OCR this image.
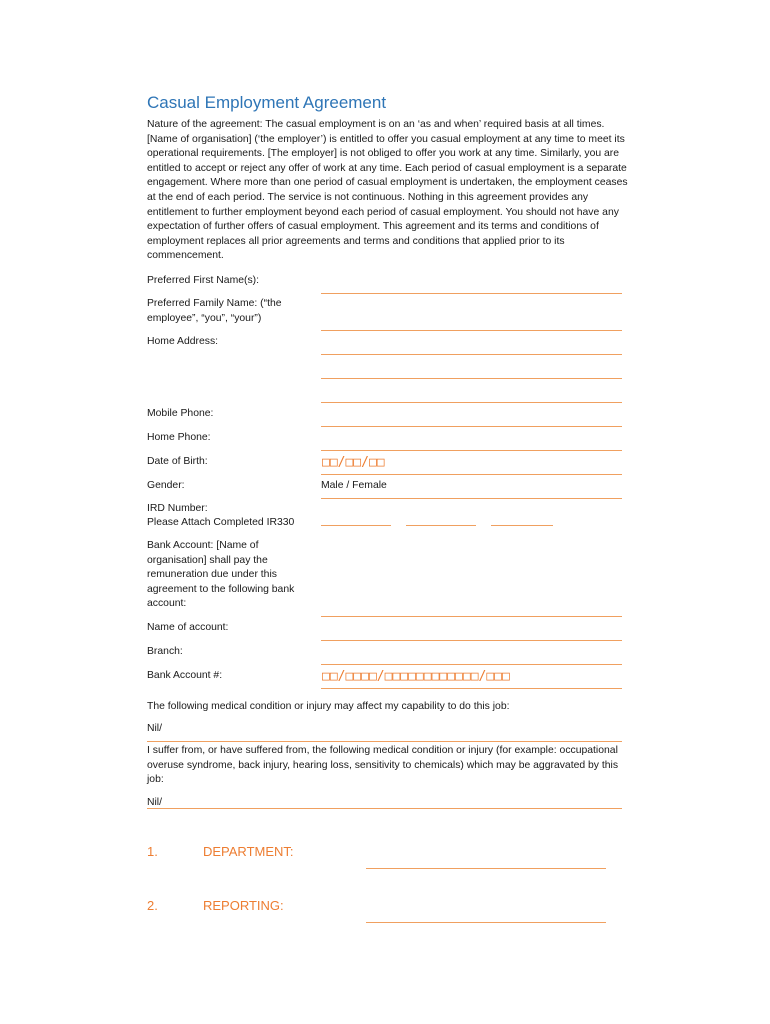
Casual Employment Agreement

Nature of the agreement: The casual employment is on an ‘as and when’ required basis at all times. [Name of organisation] (‘the employer’) is entitled to offer you casual employment at any time to meet its operational requirements. [The employer] is not obliged to offer you work at any time. Similarly, you are entitled to accept or reject any offer of work at any time. Each period of casual employment is a separate engagement. Where more than one period of casual employment is undertaken, the employment ceases at the end of each period. The service is not continuous. Nothing in this agreement provides any entitlement to further employment beyond each period of casual employment. You should not have any expectation of further offers of casual employment. This agreement and its terms and conditions of employment replaces all prior agreements and terms and conditions that applied prior to its commencement.

Preferred First Name(s):
Preferred Family Name: (“the employee”, “you”, “your”)
Home Address:
Mobile Phone:
Home Phone:
Date of Birth:	□□/□□/□□
Gender:	Male / Female
IRD Number:
Please Attach Completed IR330
Bank Account: [Name of organisation] shall pay the remuneration due under this agreement to the following bank account:
Name of account:
Branch:
Bank Account #:	□□/□□□□/□□□□□□□□□□□□/□□□
The following medical condition or injury may affect my capability to do this job:
Nil/
I suffer from, or have suffered from, the following medical condition or injury (for example: occupational overuse syndrome, back injury, hearing loss, sensitivity to chemicals) which may be aggravated by this job:
Nil/
1.	DEPARTMENT:
2.	REPORTING:
